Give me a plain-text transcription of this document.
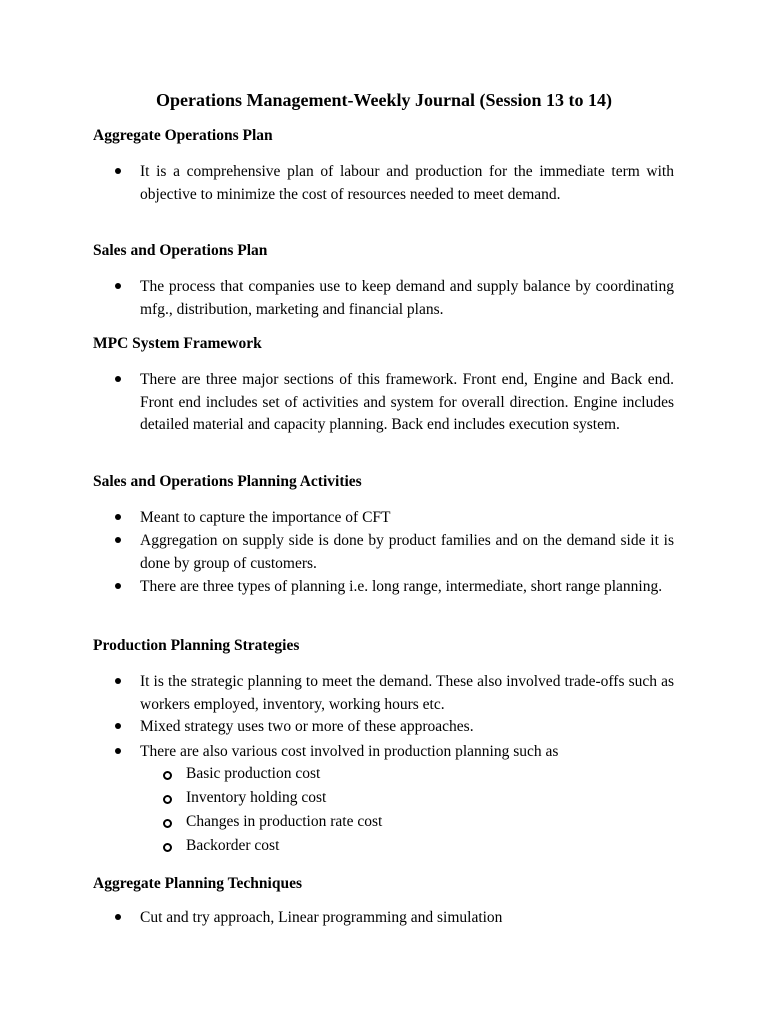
Operations Management-Weekly Journal (Session 13 to 14)
Aggregate Operations Plan

It is a comprehensive plan of labour and production for the immediate term with objective to minimize the cost of resources needed to meet demand.

Sales and Operations Plan

The process that companies use to keep demand and supply balance by coordinating mfg., distribution, marketing and financial plans.

MPC System Framework

There are three major sections of this framework. Front end, Engine and Back end. Front end includes set of activities and system for overall direction. Engine includes detailed material and capacity planning. Back end includes execution system.

Sales and Operations Planning Activities

Meant to capture the importance of CFT

Aggregation on supply side is done by product families and on the demand side it is done by group of customers.

There are three types of planning i.e. long range, intermediate, short range planning.

Production Planning Strategies

It is the strategic planning to meet the demand. These also involved trade-offs such as workers employed, inventory, working hours etc.

Mixed strategy uses two or more of these approaches.

There are also various cost involved in production planning such as

Basic production cost

Inventory holding cost

Changes in production rate cost

Backorder cost

Aggregate Planning Techniques

Cut and try approach, Linear programming and simulation
